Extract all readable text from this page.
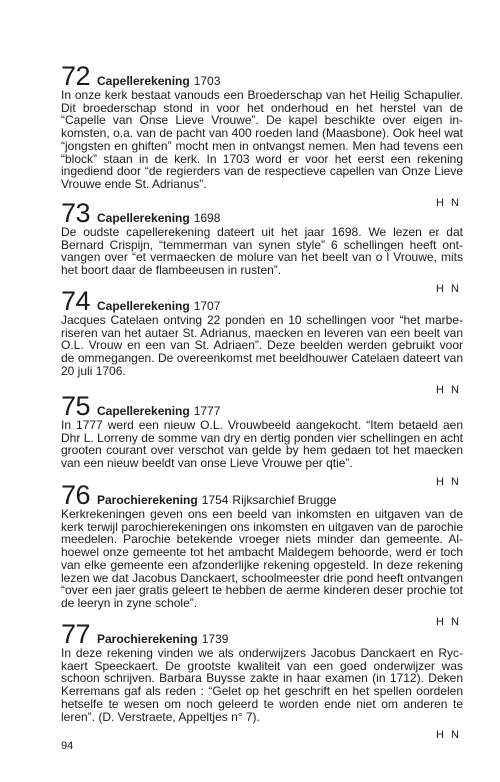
72 Capellerekening 1703
In onze kerk bestaat vanouds een Broederschap van het Heilig Schapulier.
Dit broederschap stond in voor het onderhoud en het herstel van de
“Capelle van Onse Lieve Vrouwe”. De kapel beschikte over eigen in-
komsten, o.a. van de pacht van 400 roeden land (Maasbone). Ook heel wat
“jongsten en ghiften” mocht men in ontvangst nemen. Men had tevens een
“block” staan in de kerk. In 1703 word er voor het eerst een rekening
ingediend door “de regierders van de respectieve capellen van Onze Lieve
Vrouwe ende St. Adrianus”.
H N
73 Capellerekening 1698
De oudste capellerekening dateert uit het jaar 1698. We lezen er dat
Bernard Crispijn, “temmerman van synen style” 6 schellingen heeft ont-
vangen over “et vermaecken de molure van het beelt van o l Vrouwe, mits
het boort daar de flambeeusen in rusten”.
H N
74 Capellerekening 1707
Jacques Catelaen ontving 22 ponden en 10 schellingen voor “het marbe-
riseren van het autaer St. Adrianus, maecken en leveren van een beelt van
O.L. Vrouw en een van St. Adriaen”. Deze beelden werden gebruikt voor
de ommegangen. De overeenkomst met beeldhouwer Catelaen dateert van
20 juli 1706.
H N
75 Capellerekening 1777
In 1777 werd een nieuw O.L. Vrouwbeeld aangekocht. “Item betaeld aen
Dhr L. Lorreny de somme van dry en dertig ponden vier schellingen en acht
grooten courant over verschot van gelde by hem gedaen tot het maecken
van een nieuw beeldt van onse Lieve Vrouwe per qtie”.
H N
76 Parochierekening 1754 Rijksarchief Brugge
Kerkrekeningen geven ons een beeld van inkomsten en uitgaven van de
kerk terwijl parochierekeningen ons inkomsten en uitgaven van de parochie
meedelen. Parochie betekende vroeger niets minder dan gemeente. Al-
hoewel onze gemeente tot het ambacht Maldegem behoorde, werd er toch
van elke gemeente een afzonderlijke rekening opgesteld. In deze rekening
lezen we dat Jacobus Danckaert, schoolmeester drie pond heeft ontvangen
“over een jaer gratis geleert te hebben de aerme kinderen deser prochie tot
de leeryn in zyne schole”.
H N
77 Parochierekening 1739
In deze rekening vinden we als onderwijzers Jacobus Danckaert en Ryc-
kaert Speeckaert. De grootste kwaliteit van een goed onderwijzer was
schoon schrijven. Barbara Buysse zakte in haar examen (in 1712). Deken
Kerremans gaf als reden : “Gelet op het geschrift en het spellen oordelen
hetselfe te wesen om noch geleerd te worden ende niet om anderen te
leren”. (D. Verstraete, Appeltjes n° 7).
H N
94
